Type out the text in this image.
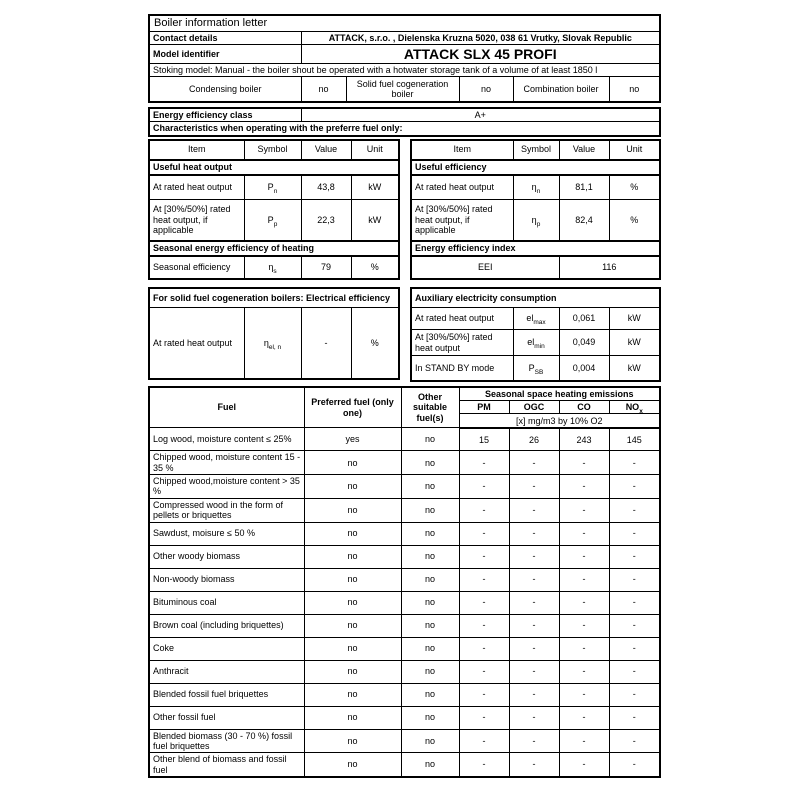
Boiler information letter					
Contact details	ATTACK, s.r.o. , Dielenska Kruzna 5020, 038 61 Vrutky, Slovak Republic				
Model identifier	ATTACK SLX 45 PROFI				
Stoking model: Manual - the boiler shout be operated with a hotwater storage tank of a volume of at least 1850 l					
Condensing boiler	no	Solid fuel cogeneration boiler	no	Combination boiler	no
Energy efficiency class	A+
Characteristics when operating with the preferre fuel only:
Item	Symbol	Value	Unit
Useful heat output			
At rated heat output	$P_n$	43,8	kW
At [30%/50%] rated heat output, if applicable	$P_p$	22,3	kW
Seasonal energy efficiency of heating			
Seasonal efficiency	$\eta_s$	79	%
For solid fuel cogeneration boilers: Electrical efficiency
At rated heat output	$\eta_{el, n}$	-	%
Item	Symbol	Value	Unit
Useful efficiency			
At rated heat output	$\eta_n$	81,1	%
At [30%/50%] rated heat output, if applicable	$\eta_p$	82,4	%
Energy efficiency index			
EEI		116	
Auxiliary electricity consumption			
At rated heat output	$el_{max}$	0,061	kW
At [30%/50%] rated heat output	$el_{min}$	0,049	kW
In STAND BY mode	$P_{SB}$	0,004	kW
Fuel	Preferred fuel (only one)	Other suitable fuel(s)	Seasonal space heating emissions			
			PM	OGC	CO	$NO_x$
			[x] mg/m3 by 10% O2			
Log wood, moisture content ≤ 25%	yes	no	15	26	243	145
Chipped wood, moisture content 15 - 35 %	no	no	-	-	-	-
Chipped wood,moisture content > 35 %	no	no	-	-	-	-
Compressed wood in the form of pellets or briquettes	no	no	-	-	-	-
Sawdust, moisure ≤ 50 %	no	no	-	-	-	-
Other woody biomass	no	no	-	-	-	-
Non-woody biomass	no	no	-	-	-	-
Bituminous coal	no	no	-	-	-	-
Brown coal (including briquettes)	no	no	-	-	-	-
Coke	no	no	-	-	-	-
Anthracit	no	no	-	-	-	-
Blended fossil fuel briquettes	no	no	-	-	-	-
Other fossil fuel	no	no	-	-	-	-
Blended biomass (30 - 70 %) fossil fuel briquettes	no	no	-	-	-	-
Other blend of biomass and fossil fuel	no	no	-	-	-	-
